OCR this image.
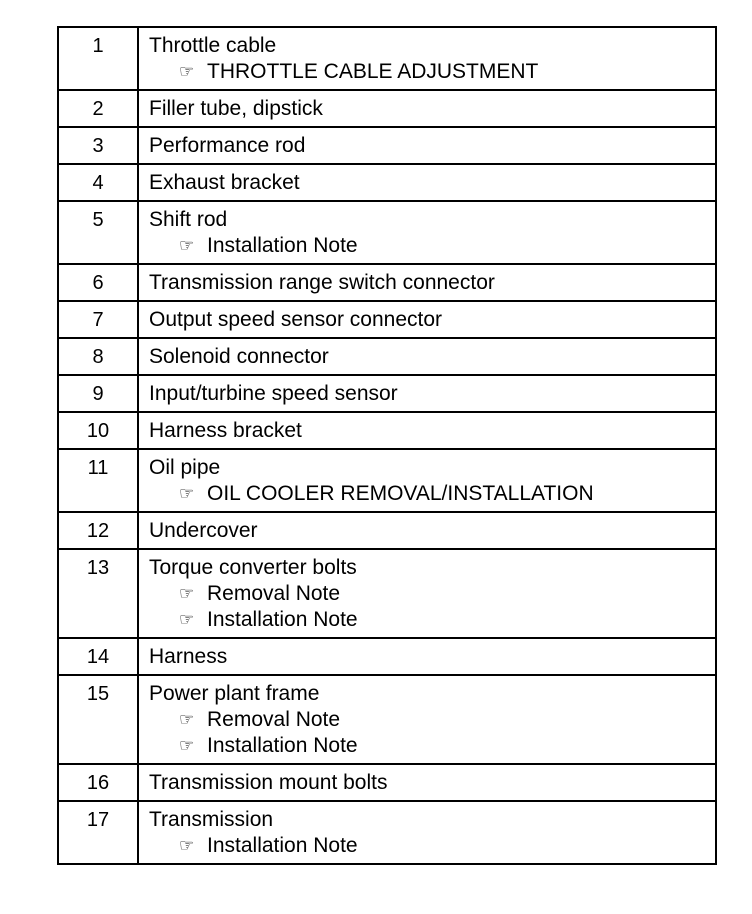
1	Throttle cable
☞ THROTTLE CABLE ADJUSTMENT

2	Filler tube, dipstick

3	Performance rod

4	Exhaust bracket

5	Shift rod
☞ Installation Note

6	Transmission range switch connector

7	Output speed sensor connector

8	Solenoid connector

9	Input/turbine speed sensor

10	Harness bracket

11	Oil pipe
☞ OIL COOLER REMOVAL/INSTALLATION

12	Undercover

13	Torque converter bolts
☞ Removal Note
☞ Installation Note

14	Harness

15	Power plant frame
☞ Removal Note
☞ Installation Note

16	Transmission mount bolts

17	Transmission
☞ Installation Note
